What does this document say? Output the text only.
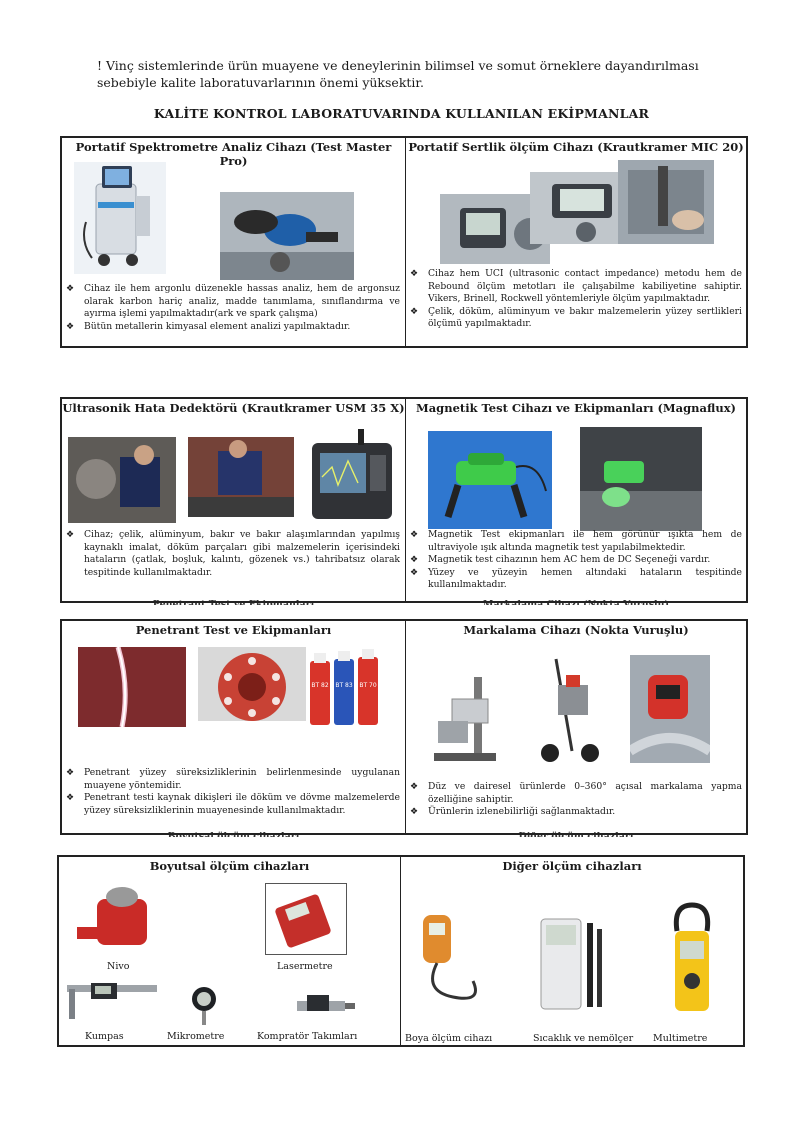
! Vinç sistemlerinde ürün muayene ve deneylerinin bilimsel ve somut örneklere dayandırılması sebebiyle kalite laboratuvarlarının önemi yüksektir.
KALİTE KONTROL LABORATUVARINDA KULLANILAN EKİPMANLAR
Portatif Spektrometre Analiz Cihazı (Test Master Pro)
❖ Cihaz ile hem argonlu düzenekle hassas analiz, hem de argonsuz olarak karbon hariç analiz, madde tanımlama, sınıflandırma ve ayırma işlemi yapılmaktadır(ark ve spark çalışma)
❖ Bütün metallerin kimyasal element analizi yapılmaktadır.
Portatif Sertlik ölçüm Cihazı (Krautkramer MIC 20)
❖ Cihaz hem UCI (ultrasonic contact impedance) metodu hem de Rebound ölçüm metotları ile çalışabilme kabiliyetine sahiptir. Vikers, Brinell, Rockwell yöntemleriyle ölçüm yapılmaktadır.
❖ Çelik, döküm, alüminyum ve bakır malzemelerin yüzey sertlikleri ölçümü yapılmaktadır.
Ultrasonik Hata Dedektörü (Krautkramer USM 35 X)
❖ Cihaz; çelik, alüminyum, bakır ve bakır alaşımlarından yapılmış kaynaklı imalat, döküm parçaları gibi malzemelerin içerisindeki hataların (çatlak, boşluk, kalıntı, gözenek vs.) tahribatsız olarak tespitinde kullanılmaktadır.
Magnetik Test Cihazı ve Ekipmanları (Magnaflux)
❖ Magnetik Test ekipmanları ile hem görünür ışıkta hem de ultraviyole ışık altında magnetik test yapılabilmektedir.
❖ Magnetik test cihazının hem AC hem de DC Seçeneği vardır.
❖ Yüzey ve yüzeyin hemen altındaki hataların tespitinde kullanılmaktadır.
Penetrant Test ve Ekipmanları
BT 82 BT 83 BT 70
❖ Penetrant yüzey süreksizliklerinin belirlenmesinde uygulanan muayene yöntemidir.
❖ Penetrant testi kaynak dikişleri ile döküm ve dövme malzemelerde yüzey süreksizliklerinin muayenesinde kullanılmaktadır.
Markalama Cihazı (Nokta Vuruşlu)
❖ Düz ve dairesel ürünlerde 0–360° açısal markalama yapma özelliğine sahiptir.
❖ Ürünlerin izlenebilirliği sağlanmaktadır.
Boyutsal ölçüm cihazları
Nivo	Lasermetre
Kumpas	Mikrometre	Kompratör Takımları
Diğer ölçüm cihazları
Boya ölçüm cihazı	Sıcaklık ve nemölçer Multimetre
